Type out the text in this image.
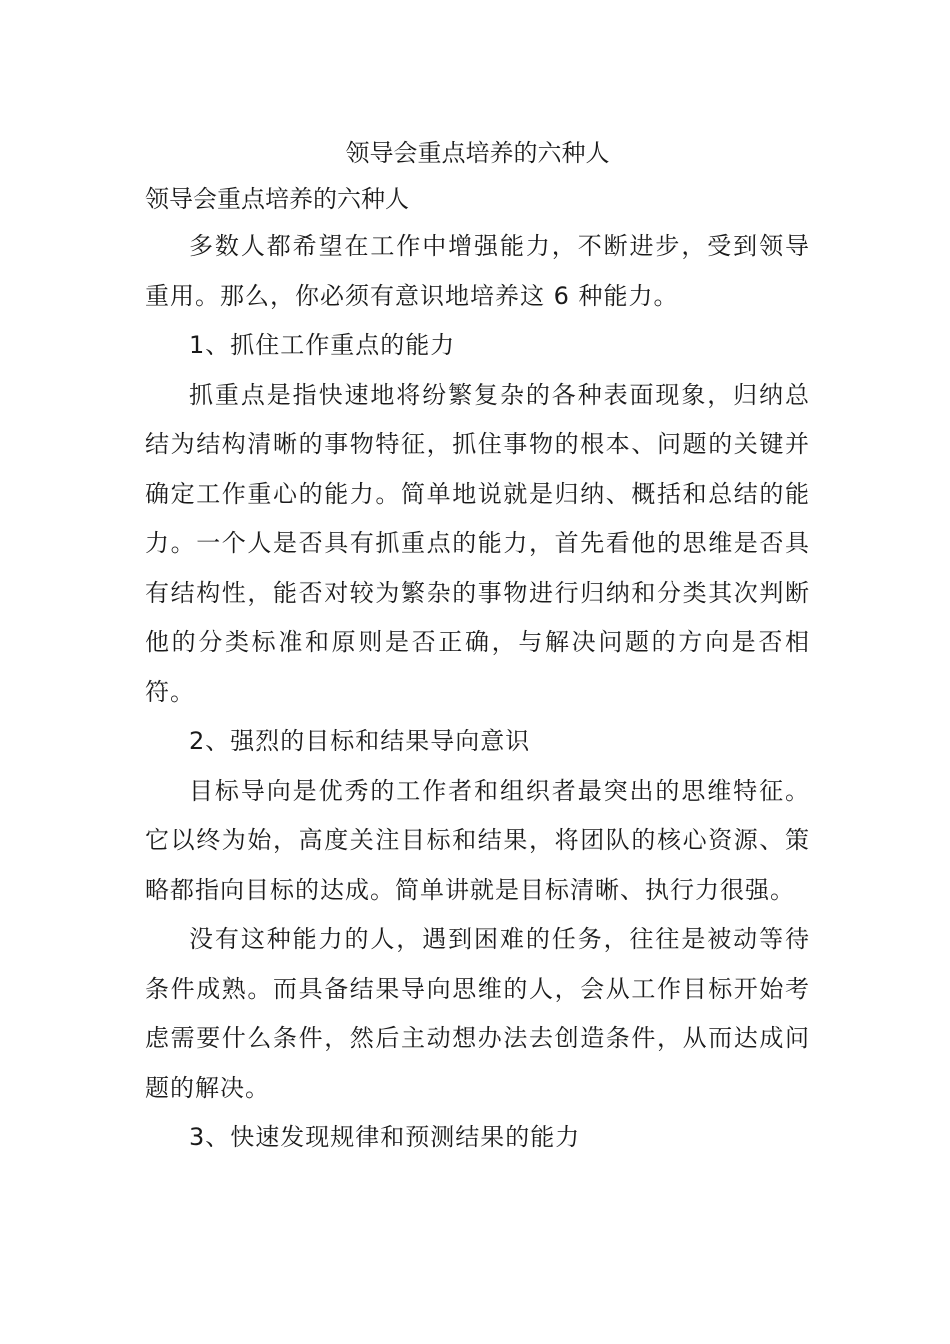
领导会重点培养的六种人

领导会重点培养的六种人

多数人都希望在工作中增强能力，不断进步，受到领导重用。那么，你必须有意识地培养这 6 种能力。

1、抓住工作重点的能力

抓重点是指快速地将纷繁复杂的各种表面现象，归纳总结为结构清晰的事物特征，抓住事物的根本、问题的关键并确定工作重心的能力。简单地说就是归纳、概括和总结的能力。一个人是否具有抓重点的能力，首先看他的思维是否具有结构性，能否对较为繁杂的事物进行归纳和分类其次判断他的分类标准和原则是否正确，与解决问题的方向是否相符。

2、强烈的目标和结果导向意识

目标导向是优秀的工作者和组织者最突出的思维特征。它以终为始，高度关注目标和结果，将团队的核心资源、策略都指向目标的达成。简单讲就是目标清晰、执行力很强。

没有这种能力的人，遇到困难的任务，往往是被动等待条件成熟。而具备结果导向思维的人，会从工作目标开始考虑需要什么条件，然后主动想办法去创造条件，从而达成问题的解决。

3、快速发现规律和预测结果的能力
